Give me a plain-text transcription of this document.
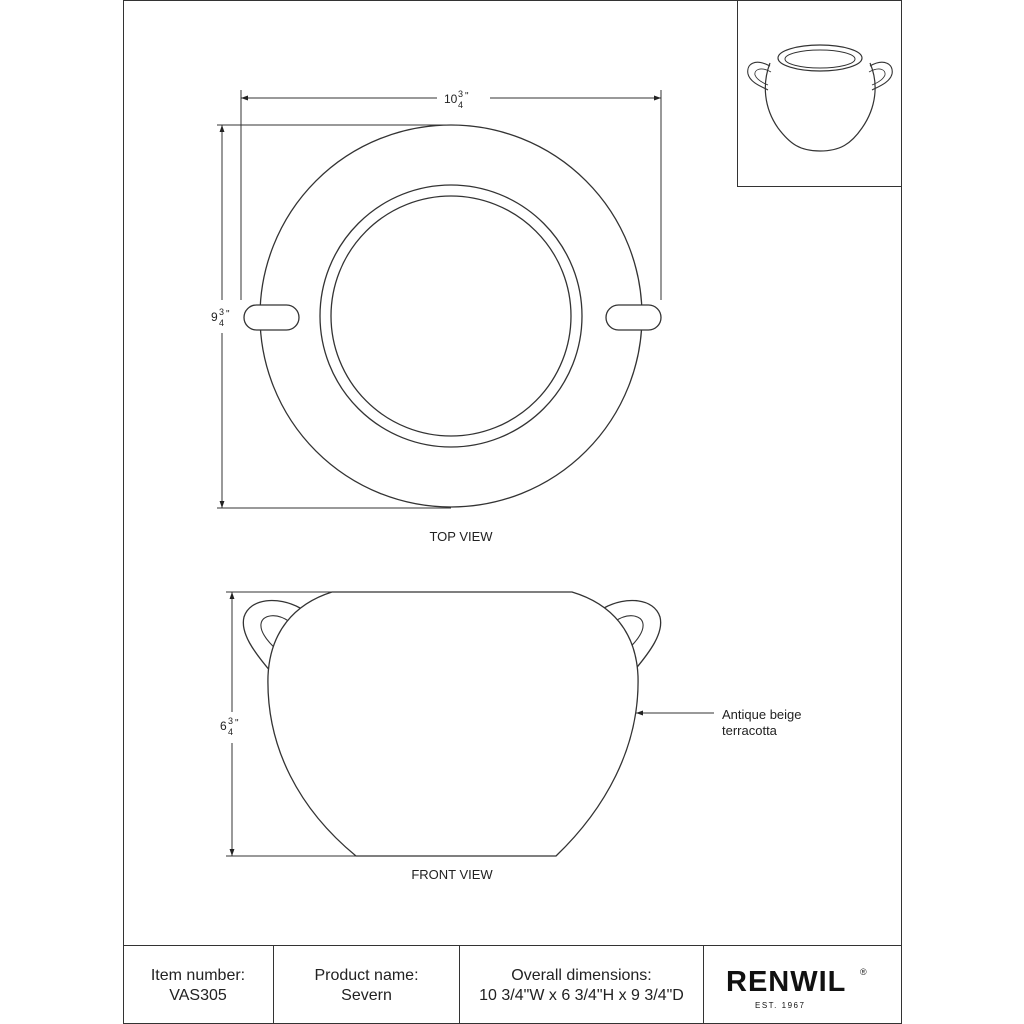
10 3
4
"
9 3
4
"
6 3
4
"
TOP VIEW
FRONT VIEW
Antique beige
terracotta
Item number:
VAS305
Product name:
Severn
Overall dimensions:
10 3/4"W x 6 3/4"H x 9 3/4"D	RENWIL ®
EST. 1967
